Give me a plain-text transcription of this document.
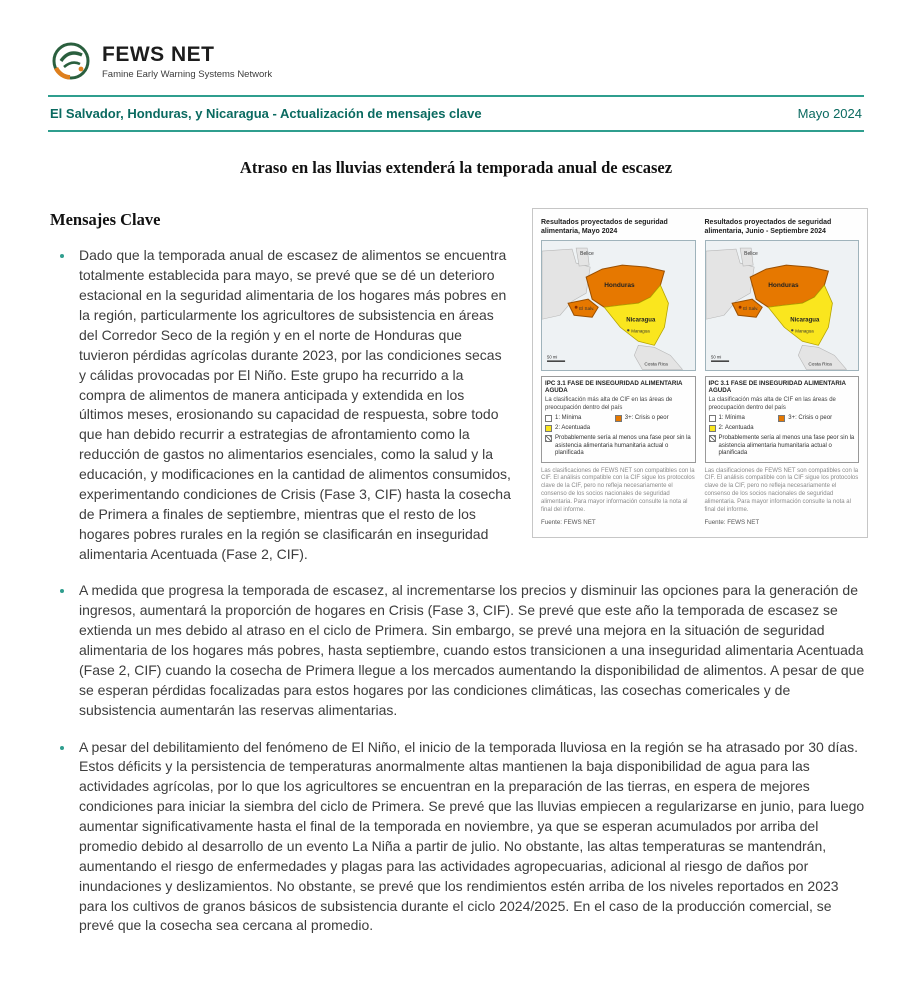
FEWS NET
Famine Early Warning Systems Network
El Salvador, Honduras, y Nicaragua - Actualización de mensajes clave	Mayo 2024
Atraso en las lluvias extenderá la temporada anual de escasez
Resultados proyectados de seguridad alimentaria, Mayo 2024
Belice
Honduras
El Salv.
Nicaragua
Managua
Costa Rica
50 mi
IPC 3.1 FASE DE INSEGURIDAD ALIMENTARIA AGUDA
La clasificación más alta de CIF en las áreas de preocupación dentro del país
1: Mínima	3+: Crisis o peor
2: Acentuada
Probablemente sería al menos una fase peor sin la asistencia alimentaria humanitaria actual o planificada
Las clasificaciones de FEWS NET son compatibles con la CIF. El análisis compatible con la CIF sigue los protocolos clave de la CIF, pero no refleja necesariamente el consenso de los socios nacionales de seguridad alimentaria. Para mayor información consulte la nota al final del informe.
Fuente: FEWS NET
Resultados proyectados de seguridad alimentaria, Junio - Septiembre 2024
Belice
Honduras
El Salv.
Nicaragua
Managua
Costa Rica
50 mi
IPC 3.1 FASE DE INSEGURIDAD ALIMENTARIA AGUDA
La clasificación más alta de CIF en las áreas de preocupación dentro del país
1: Mínima	3+: Crisis o peor
2: Acentuada
Probablemente sería al menos una fase peor sin la asistencia alimentaria humanitaria actual o planificada
Las clasificaciones de FEWS NET son compatibles con la CIF. El análisis compatible con la CIF sigue los protocolos clave de la CIF, pero no refleja necesariamente el consenso de los socios nacionales de seguridad alimentaria. Para mayor información consulte la nota al final del informe.
Fuente: FEWS NET
Mensajes Clave
• Dado que la temporada anual de escasez de alimentos se encuentra totalmente establecida para mayo, se prevé que se dé un deterioro estacional en la seguridad alimentaria de los hogares más pobres en la región, particularmente los agricultores de subsistencia en áreas del Corredor Seco de la región y en el norte de Honduras que tuvieron pérdidas agrícolas durante 2023, por las condiciones secas y cálidas provocadas por El Niño. Este grupo ha recurrido a la compra de alimentos de manera anticipada y extendida en los últimos meses, erosionando su capacidad de respuesta, sobre todo que han debido recurrir a estrategias de afrontamiento como la reducción de gastos no alimentarios esenciales, como la salud y la educación, y modificaciones en la cantidad de alimentos consumidos, experimentando condiciones de Crisis (Fase 3, CIF) hasta la cosecha de Primera a finales de septiembre, mientras que el resto de los hogares pobres rurales en la región se clasificarán en inseguridad alimentaria Acentuada (Fase 2, CIF).
• A medida que progresa la temporada de escasez, al incrementarse los precios y disminuir las opciones para la generación de ingresos, aumentará la proporción de hogares en Crisis (Fase 3, CIF). Se prevé que este año la temporada de escasez se extienda un mes debido al atraso en el ciclo de Primera. Sin embargo, se prevé una mejora en la situación de seguridad alimentaria de los hogares más pobres, hasta septiembre, cuando estos transicionen a una inseguridad alimentaria Acentuada (Fase 2, CIF) cuando la cosecha de Primera llegue a los mercados aumentando la disponibilidad de alimentos. A pesar de que se esperan pérdidas focalizadas para estos hogares por las condiciones climáticas, las cosechas comericales y de subsistencia aumentarán las reservas alimentarias.
• A pesar del debilitamiento del fenómeno de El Niño, el inicio de la temporada lluviosa en la región se ha atrasado por 30 días. Estos déficits y la persistencia de temperaturas anormalmente altas mantienen la baja disponibilidad de agua para las actividades agrícolas, por lo que los agricultores se encuentran en la preparación de las tierras, en espera de mejores condiciones para iniciar la siembra del ciclo de Primera. Se prevé que las lluvias empiecen a regularizarse en junio, para luego aumentar significativamente hasta el final de la temporada en noviembre, ya que se esperan acumulados por arriba del promedio debido al desarrollo de un evento La Niña a partir de julio. No obstante, las altas temperaturas se mantendrán, aumentando el riesgo de enfermedades y plagas para las actividades agropecuarias, adicional al riesgo de daños por inundaciones y deslizamientos. No obstante, se prevé que los rendimientos estén arriba de los niveles reportados en 2023 para los cultivos de granos básicos de subsistencia durante el ciclo 2024/2025. En el caso de la producción comercial, se prevé que la cosecha sea cercana al promedio.
